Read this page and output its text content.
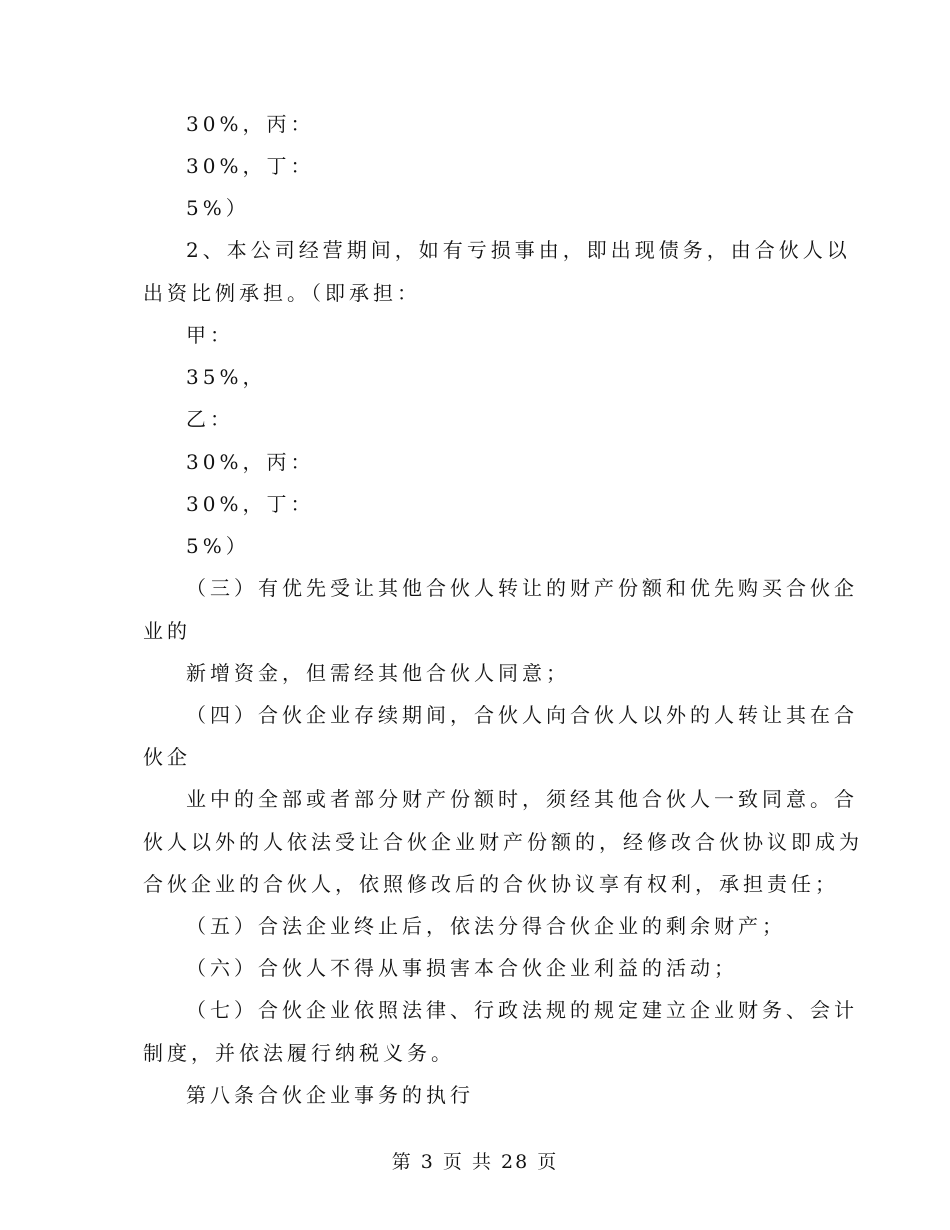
30%，丙：
30%，丁：
5%）
2、本公司经营期间，如有亏损事由，即出现债务，由合伙人以
出资比例承担。（即承担：
甲：
35%，
乙：
30%，丙：
30%，丁：
5%）
（三）有优先受让其他合伙人转让的财产份额和优先购买合伙企
业的
新增资金，但需经其他合伙人同意；
（四）合伙企业存续期间，合伙人向合伙人以外的人转让其在合
伙企
业中的全部或者部分财产份额时，须经其他合伙人一致同意。合
伙人以外的人依法受让合伙企业财产份额的，经修改合伙协议即成为
合伙企业的合伙人，依照修改后的合伙协议享有权利，承担责任；
（五）合法企业终止后，依法分得合伙企业的剩余财产；
（六）合伙人不得从事损害本合伙企业利益的活动；
（七）合伙企业依照法律、行政法规的规定建立企业财务、会计
制度，并依法履行纳税义务。
第八条合伙企业事务的执行
第 3 页 共 28 页
